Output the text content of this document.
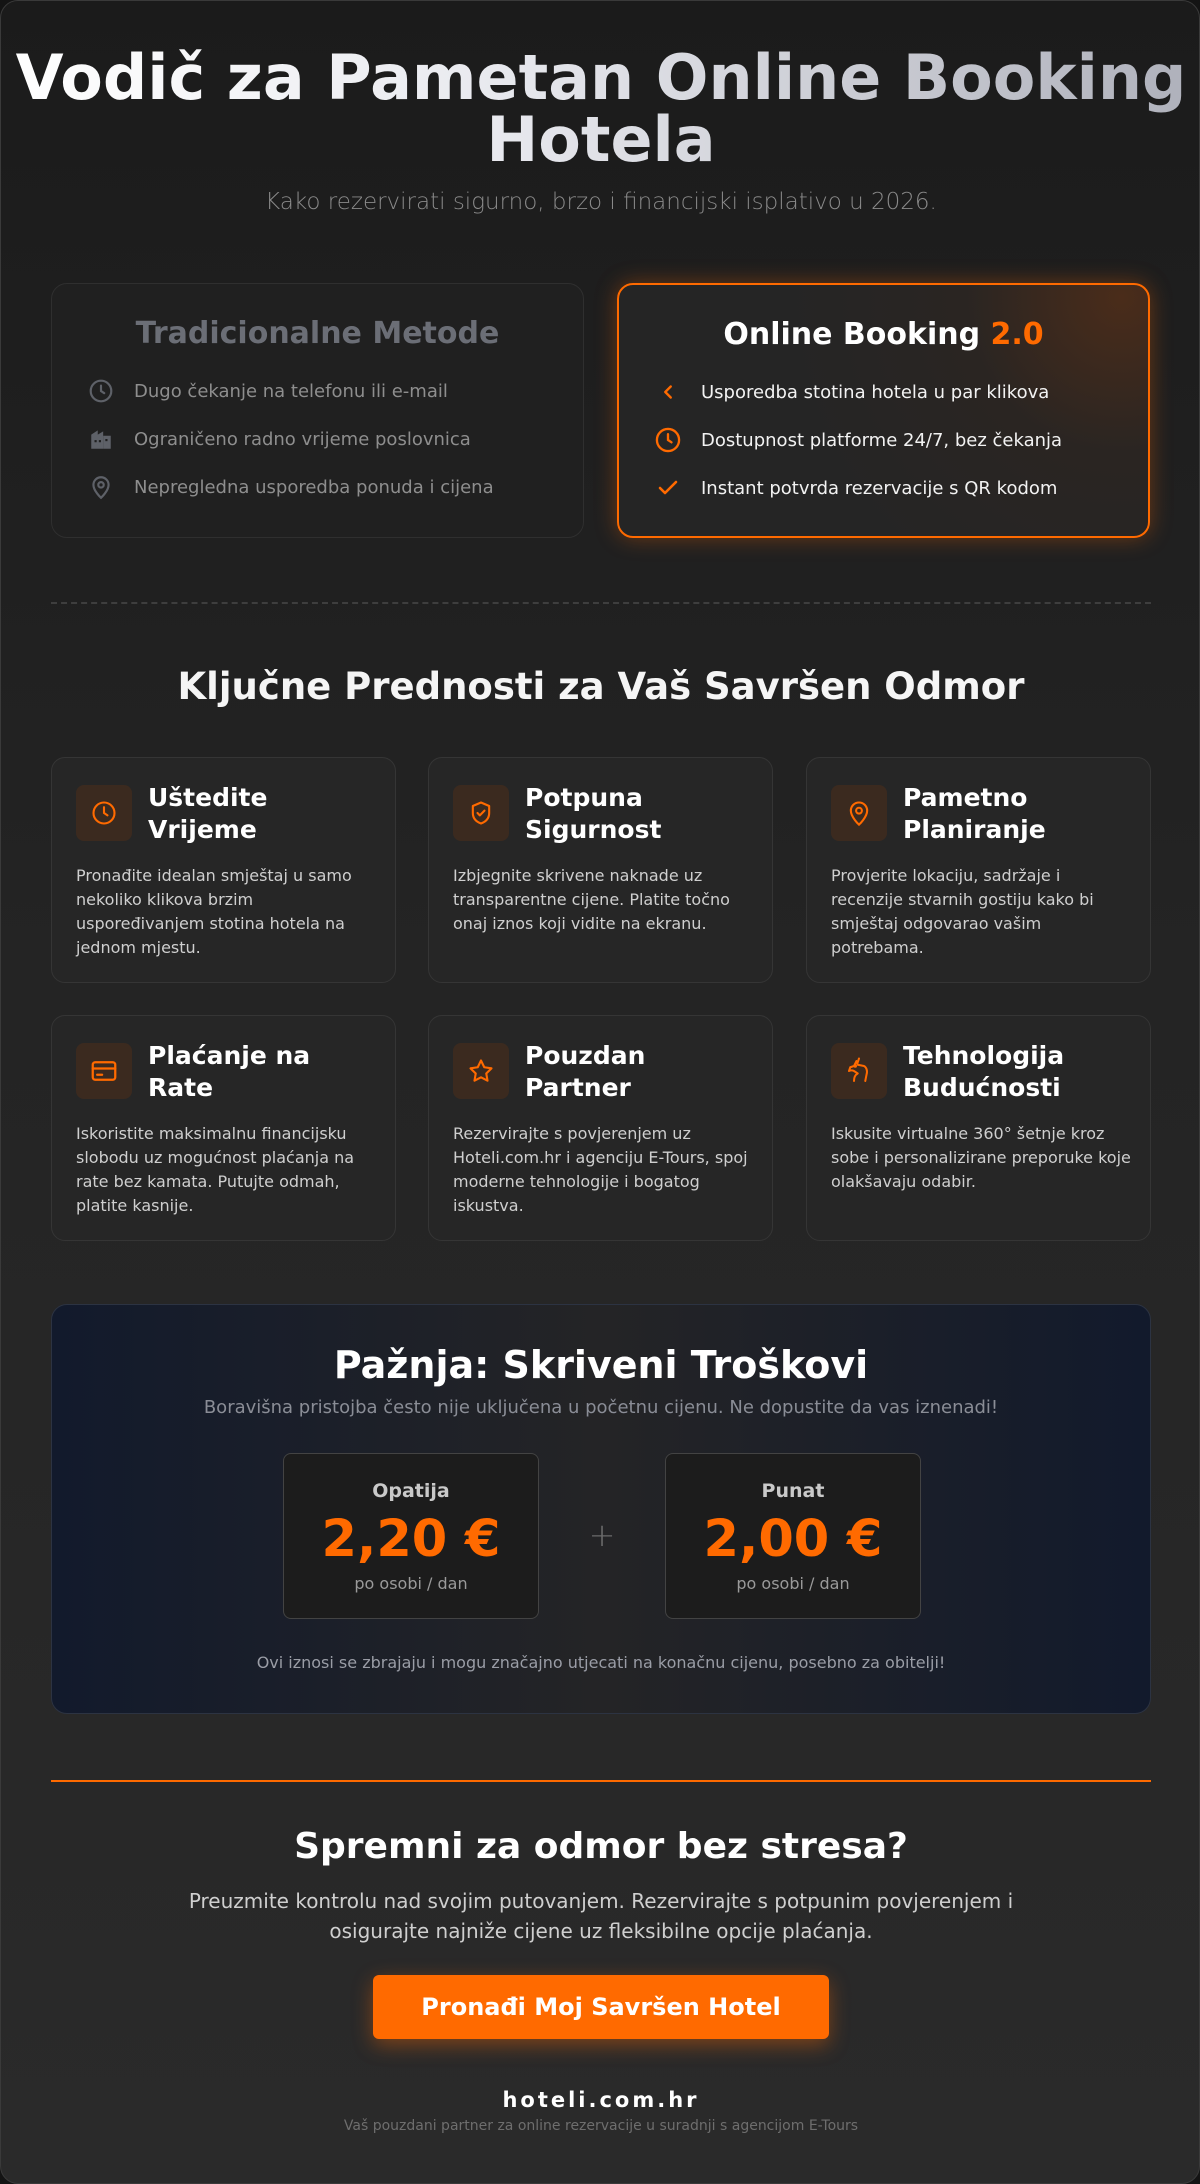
Vodič za Pametan Online Booking Hotela

Kako rezervirati sigurno, brzo i financijski isplativo u 2026.

Tradicionalne Metode
Dugo čekanje na telefonu ili e-mail
Ograničeno radno vrijeme poslovnica
Nepregledna usporedba ponuda i cijena
Online Booking 2.0
Usporedba stotina hotela u par klikova
Dostupnost platforme 24/7, bez čekanja
Instant potvrda rezervacije s QR kodom
Ključne Prednosti za Vaš Savršen Odmor
Uštedite Vrijeme
Pronađite idealan smještaj u samo nekoliko klikova brzim uspoređivanjem stotina hotela na jednom mjestu.
Potpuna Sigurnost
Izbjegnite skrivene naknade uz transparentne cijene. Platite točno onaj iznos koji vidite na ekranu.
Pametno Planiranje
Provjerite lokaciju, sadržaje i recenzije stvarnih gostiju kako bi smještaj odgovarao vašim potrebama.
Plaćanje na Rate
Iskoristite maksimalnu financijsku slobodu uz mogućnost plaćanja na rate bez kamata. Putujte odmah, platite kasnije.
Pouzdan Partner
Rezervirajte s povjerenjem uz Hoteli.com.hr i agenciju E-Tours, spoj moderne tehnologije i bogatog iskustva.
Tehnologija Budućnosti
Iskusite virtualne 360° šetnje kroz sobe i personalizirane preporuke koje olakšavaju odabir.
Pažnja: Skriveni Troškovi
Boravišna pristojba često nije uključena u početnu cijenu. Ne dopustite da vas iznenadi!
Opatija
2,20 €
po osobi / dan
+
Punat
2,00 €
po osobi / dan
Ovi iznosi se zbrajaju i mogu značajno utjecati na konačnu cijenu, posebno za obitelji!
Spremni za odmor bez stresa?

Preuzmite kontrolu nad svojim putovanjem. Rezervirajte s potpunim povjerenjem i osigurajte najniže cijene uz fleksibilne opcije plaćanja.

Pronađi Moj Savršen Hotel
hoteli.com.hr
Vaš pouzdani partner za online rezervacije u suradnji s agencijom E-Tours
